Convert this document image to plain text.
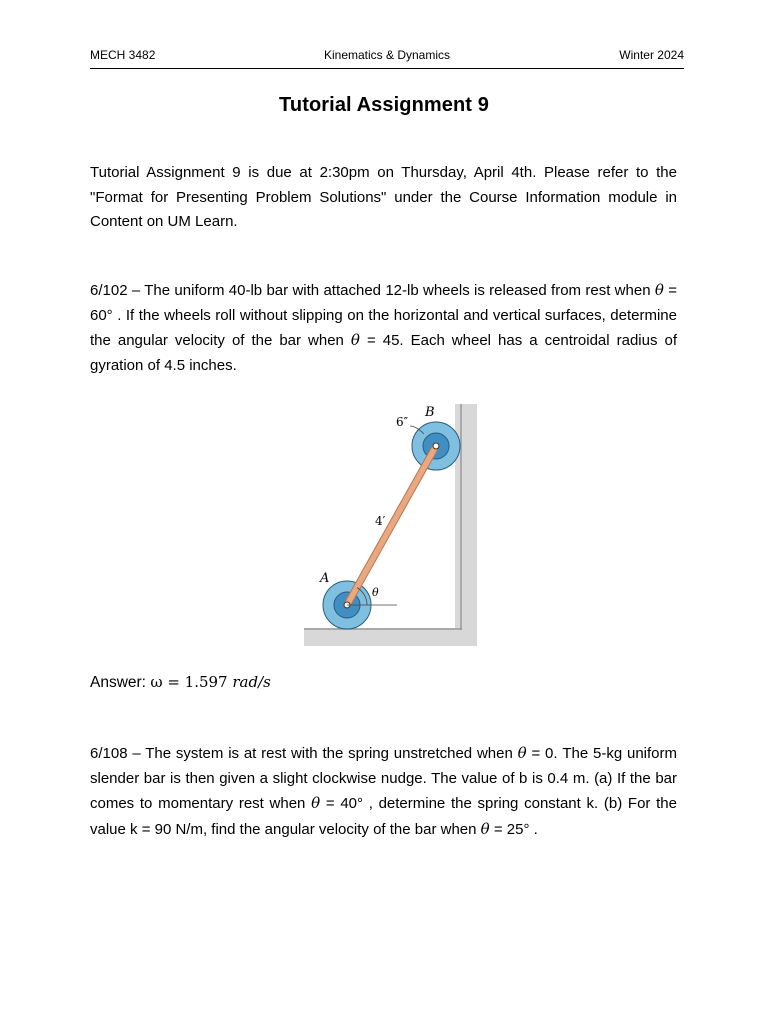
MECH 3482	Kinematics & Dynamics	Winter 2024
Tutorial Assignment 9

Tutorial Assignment 9 is due at 2:30pm on Thursday, April 4th. Please refer to the "Format for Presenting Problem Solutions" under the Course Information module in Content on UM Learn.

6/102 – The uniform 40-lb bar with attached 12-lb wheels is released from rest when θ = 60° . If the wheels roll without slipping on the horizontal and vertical surfaces, determine the angular velocity of the bar when θ = 45. Each wheel has a centroidal radius of gyration of 4.5 inches.

B
6″
4′
A
θ
Answer: ω = 1.597 rad/s

6/108 – The system is at rest with the spring unstretched when θ = 0. The 5-kg uniform slender bar is then given a slight clockwise nudge. The value of b is 0.4 m. (a) If the bar comes to momentary rest when θ = 40° , determine the spring constant k. (b) For the value k = 90 N/m, find the angular velocity of the bar when θ = 25° .
